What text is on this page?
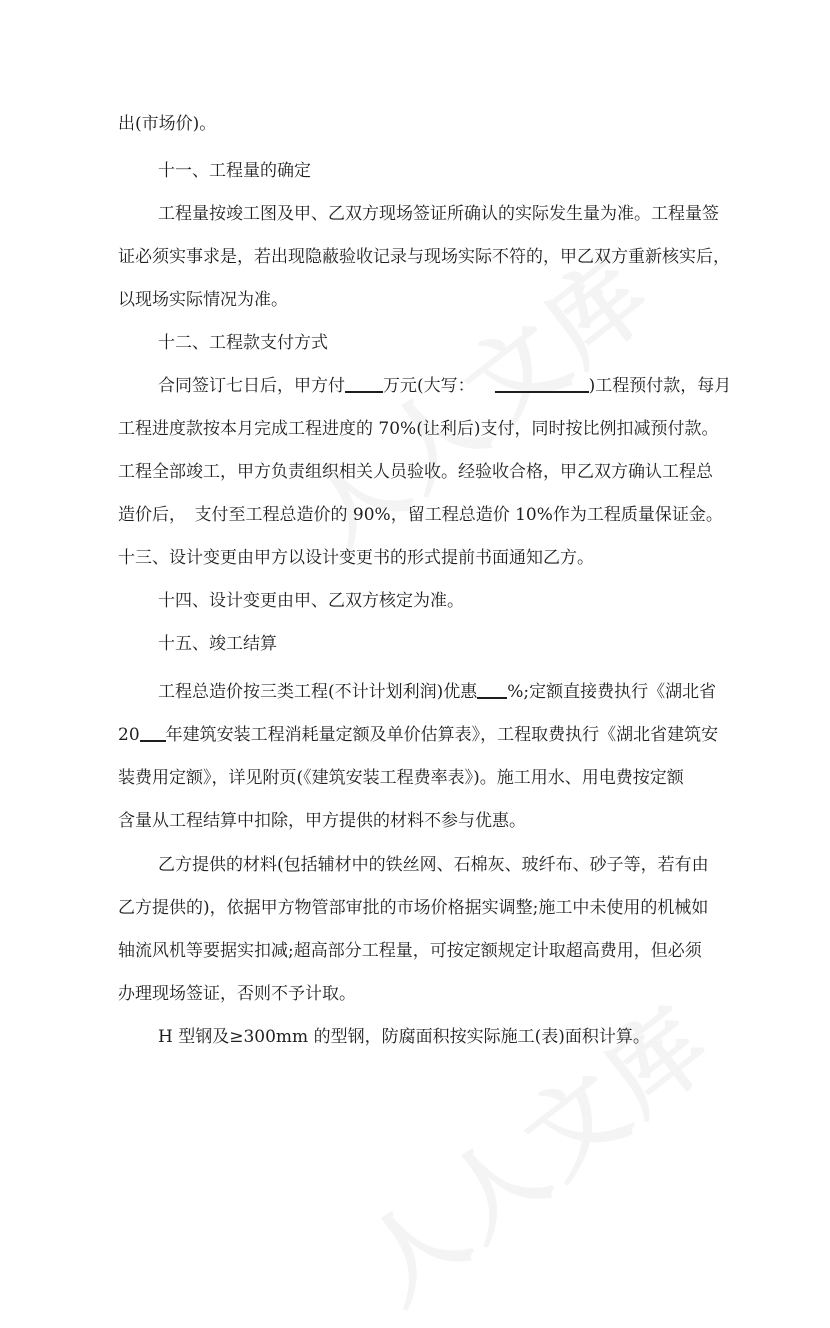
出(市场价)。
十一、工程量的确定
工程量按竣工图及甲、乙双方现场签证所确认的实际发生量为准。工程量签
证必须实事求是，若出现隐蔽验收记录与现场实际不符的，甲乙双方重新核实后，
以现场实际情况为准。
十二、工程款支付方式
合同签订七日后，甲方付 万元(大写：	)工程预付款，每月
工程进度款按本月完成工程进度的 70%(让利后)支付，同时按比例扣减预付款。
工程全部竣工，甲方负责组织相关人员验收。经验收合格，甲乙双方确认工程总
造价后，　支付至工程总造价的 90%，留工程总造价 10%作为工程质量保证金。
十三、设计变更由甲方以设计变更书的形式提前书面通知乙方。
十四、设计变更由甲、乙双方核定为准。
十五、竣工结算
工程总造价按三类工程(不计计划利润)优惠 %;定额直接费执行《湖北省
20 年建筑安装工程消耗量定额及单价估算表》，工程取费执行《湖北省建筑安
装费用定额》，详见附页(《建筑安装工程费率表》)。施工用水、用电费按定额
含量从工程结算中扣除，甲方提供的材料不参与优惠。
乙方提供的材料(包括辅材中的铁丝网、石棉灰、玻纤布、砂子等，若有由
乙方提供的)，依据甲方物管部审批的市场价格据实调整;施工中未使用的机械如
轴流风机等要据实扣减;超高部分工程量，可按定额规定计取超高费用，但必须
办理现场签证，否则不予计取。
H 型钢及≥300mm 的型钢，防腐面积按实际施工(表)面积计算。
